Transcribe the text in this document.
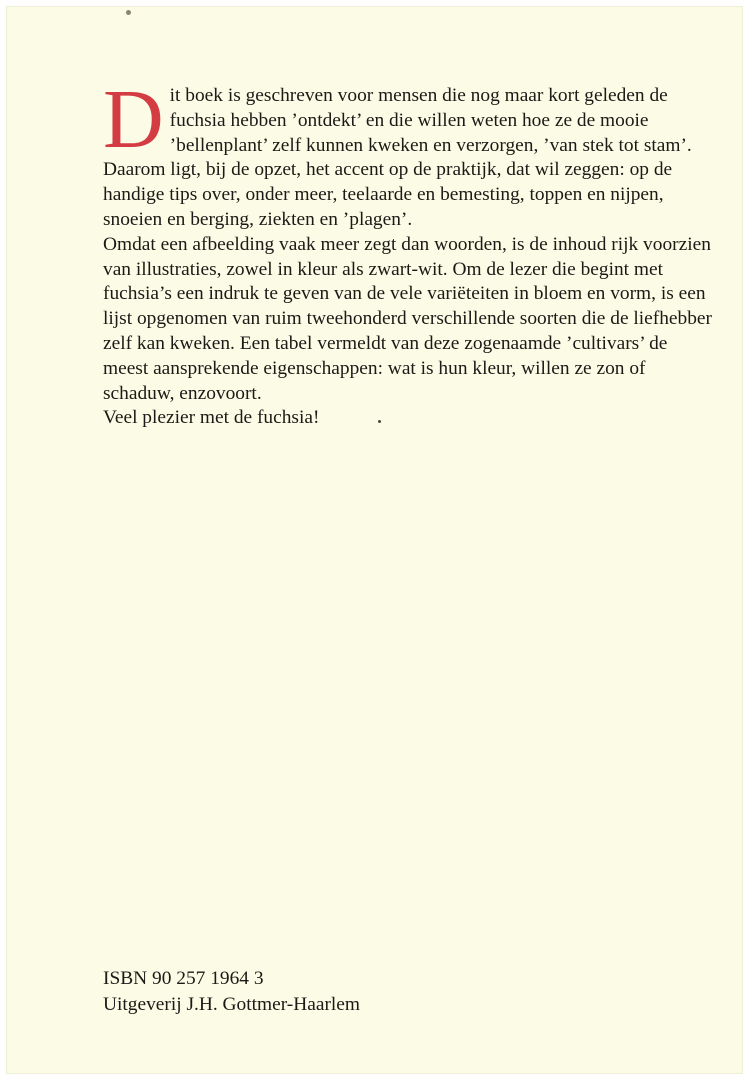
Dit boek is geschreven voor mensen die nog maar kort geleden de fuchsia hebben ’ontdekt’ en die willen weten hoe ze de mooie ’bellenplant’ zelf kunnen kweken en verzorgen, ’van stek tot stam’. Daarom ligt, bij de opzet, het accent op de praktijk, dat wil zeggen: op de handige tips over, onder meer, teelaarde en bemesting, toppen en nijpen, snoeien en berging, ziekten en ’plagen’.

Omdat een afbeelding vaak meer zegt dan woorden, is de inhoud rijk voorzien van illustraties, zowel in kleur als zwart-wit. Om de lezer die begint met fuchsia’s een indruk te geven van de vele variëteiten in bloem en vorm, is een lijst opgenomen van ruim tweehonderd verschillende soorten die de liefhebber zelf kan kweken. Een tabel vermeldt van deze zogenaamde ’cultivars’ de meest aansprekende eigenschappen: wat is hun kleur, willen ze zon of schaduw, enzovoort.

Veel plezier met de fuchsia!

ISBN 90 257 1964 3
Uitgeverij J.H. Gottmer-Haarlem
